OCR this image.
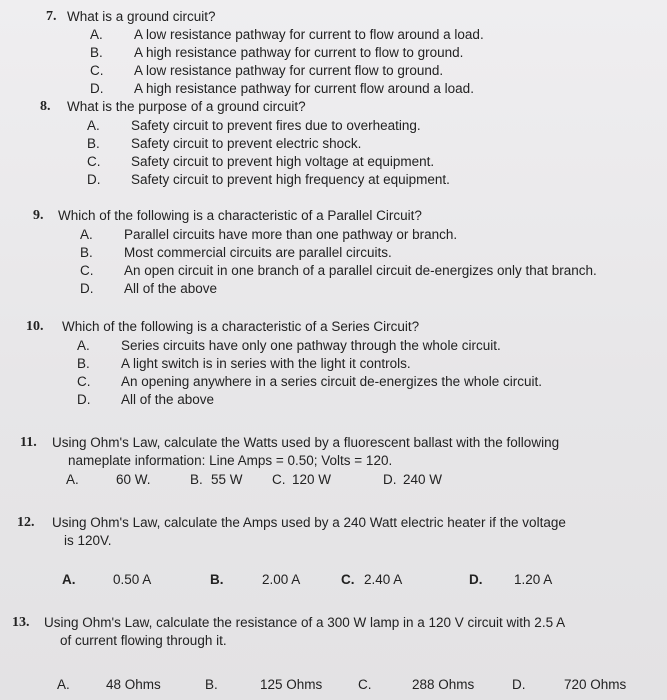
7. What is a ground circuit?
A. A low resistance pathway for current to flow around a load.
B. A high resistance pathway for current to flow to ground.
C. A low resistance pathway for current flow to ground.
D. A high resistance pathway for current flow around a load.
8. What is the purpose of a ground circuit?
A. Safety circuit to prevent fires due to overheating.
B. Safety circuit to prevent electric shock.
C. Safety circuit to prevent high voltage at equipment.
D. Safety circuit to prevent high frequency at equipment.
9. Which of the following is a characteristic of a Parallel Circuit?
A. Parallel circuits have more than one pathway or branch.
B. Most commercial circuits are parallel circuits.
C. An open circuit in one branch of a parallel circuit de-energizes only that branch.
D. All of the above
10. Which of the following is a characteristic of a Series Circuit?
A. Series circuits have only one pathway through the whole circuit.
B. A light switch is in series with the light it controls.
C. An opening anywhere in a series circuit de-energizes the whole circuit.
D. All of the above
11. Using Ohm's Law, calculate the Watts used by a fluorescent ballast with the following
nameplate information: Line Amps = 0.50; Volts = 120.
A.	60 W.	B. 55 W C. 120 W	D. 240 W
12. Using Ohm's Law, calculate the Amps used by a 240 Watt electric heater if the voltage
is 120V.
A.	0.50 A	B.	2.00 A	C. 2.40 A	D. 1.20 A
13. Using Ohm's Law, calculate the resistance of a 300 W lamp in a 120 V circuit with 2.5 A
of current flowing through it.
A.	48 Ohms	B.	125 Ohms	C.	288 Ohms	D.	720 Ohms
